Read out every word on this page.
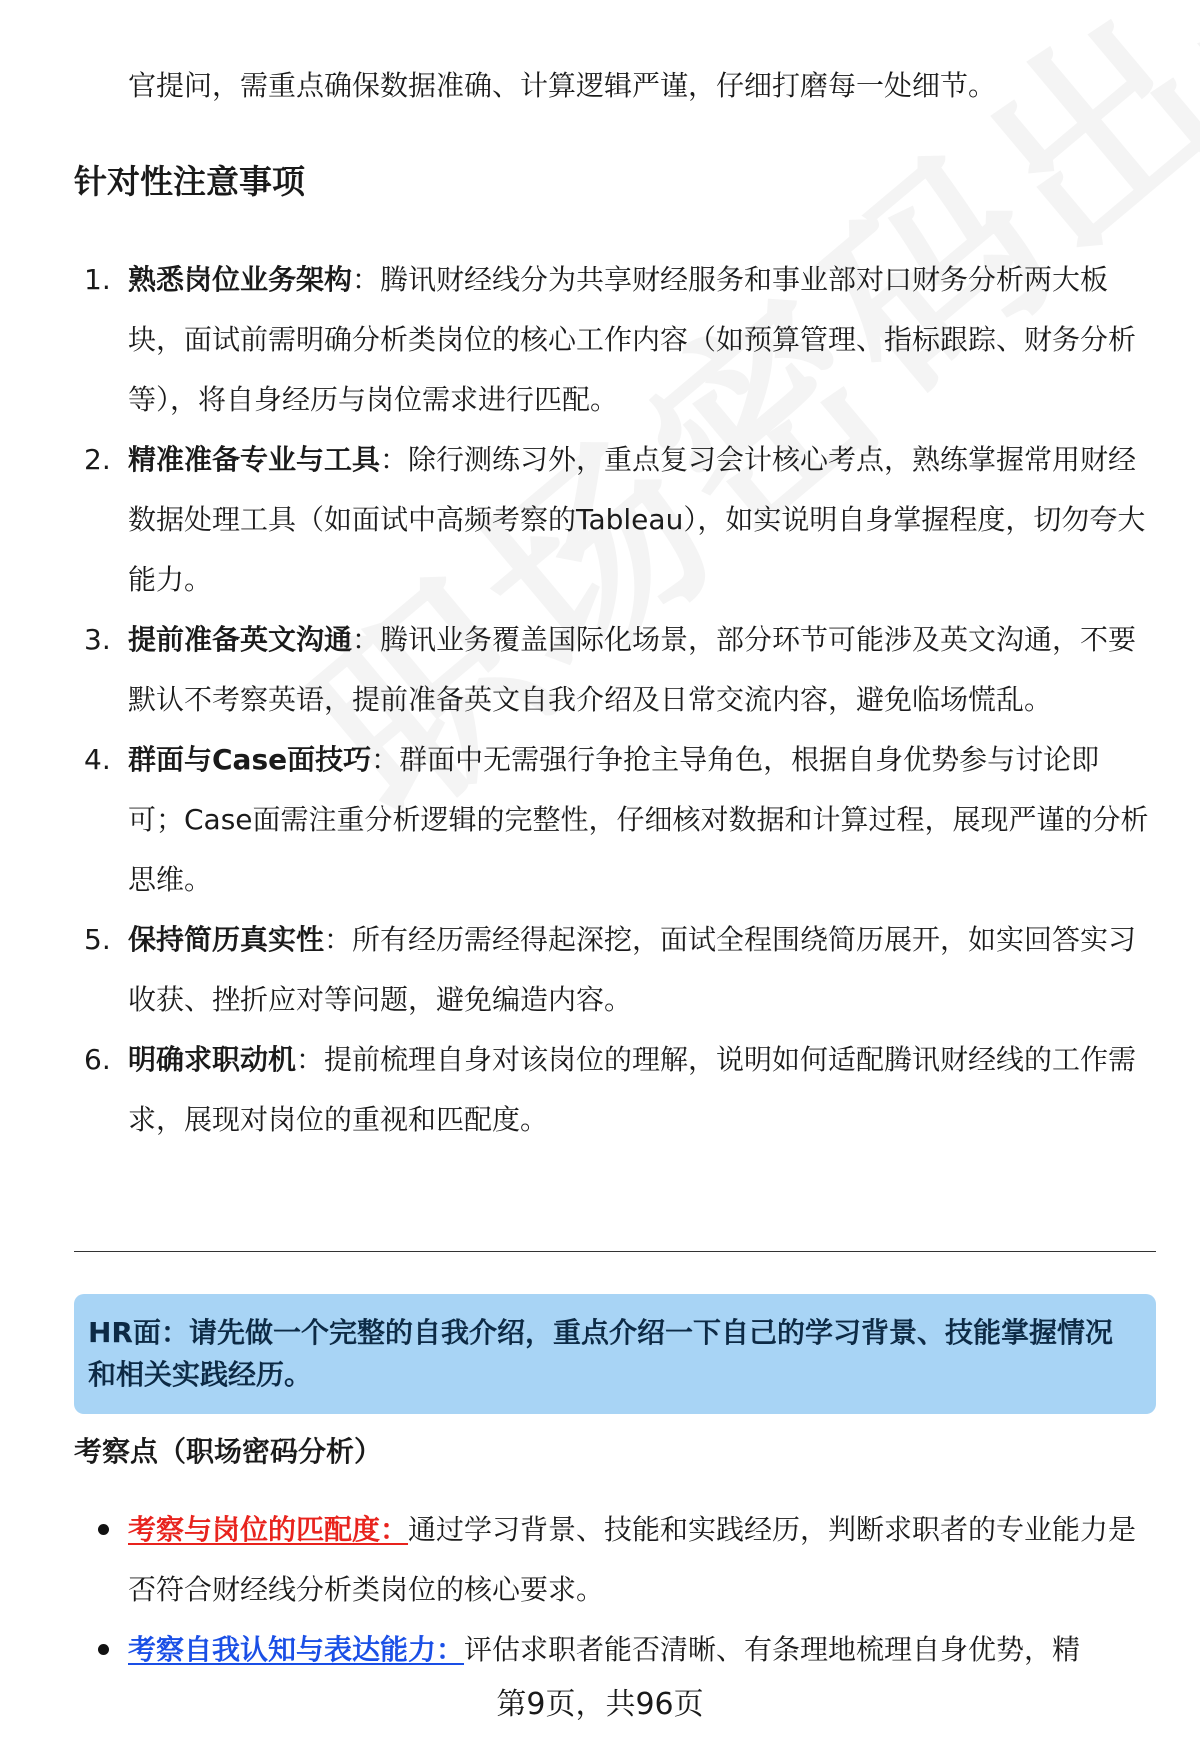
官提问，需重点确保数据准确、计算逻辑严谨，仔细打磨每一处细节。
针对性注意事项
1. 熟悉岗位业务架构：腾讯财经线分为共享财经服务和事业部对口财务分析两大板块，面试前需明确分析类岗位的核心工作内容（如预算管理、指标跟踪、财务分析等），将自身经历与岗位需求进行匹配。
2. 精准准备专业与工具：除行测练习外，重点复习会计核心考点，熟练掌握常用财经数据处理工具（如面试中高频考察的Tableau），如实说明自身掌握程度，切勿夸大能力。
3. 提前准备英文沟通：腾讯业务覆盖国际化场景，部分环节可能涉及英文沟通，不要默认不考察英语，提前准备英文自我介绍及日常交流内容，避免临场慌乱。
4. 群面与Case面技巧：群面中无需强行争抢主导角色，根据自身优势参与讨论即可；Case面需注重分析逻辑的完整性，仔细核对数据和计算过程，展现严谨的分析思维。
5. 保持简历真实性：所有经历需经得起深挖，面试全程围绕简历展开，如实回答实习收获、挫折应对等问题，避免编造内容。
6. 明确求职动机：提前梳理自身对该岗位的理解，说明如何适配腾讯财经线的工作需求，展现对岗位的重视和匹配度。
HR面：请先做一个完整的自我介绍，重点介绍一下自己的学习背景、技能掌握情况和相关实践经历。
考察点（职场密码分析）
考察与岗位的匹配度：通过学习背景、技能和实践经历，判断求职者的专业能力是否符合财经线分析类岗位的核心要求。
考察自我认知与表达能力：评估求职者能否清晰、有条理地梳理自身优势，精
第9页，共96页
